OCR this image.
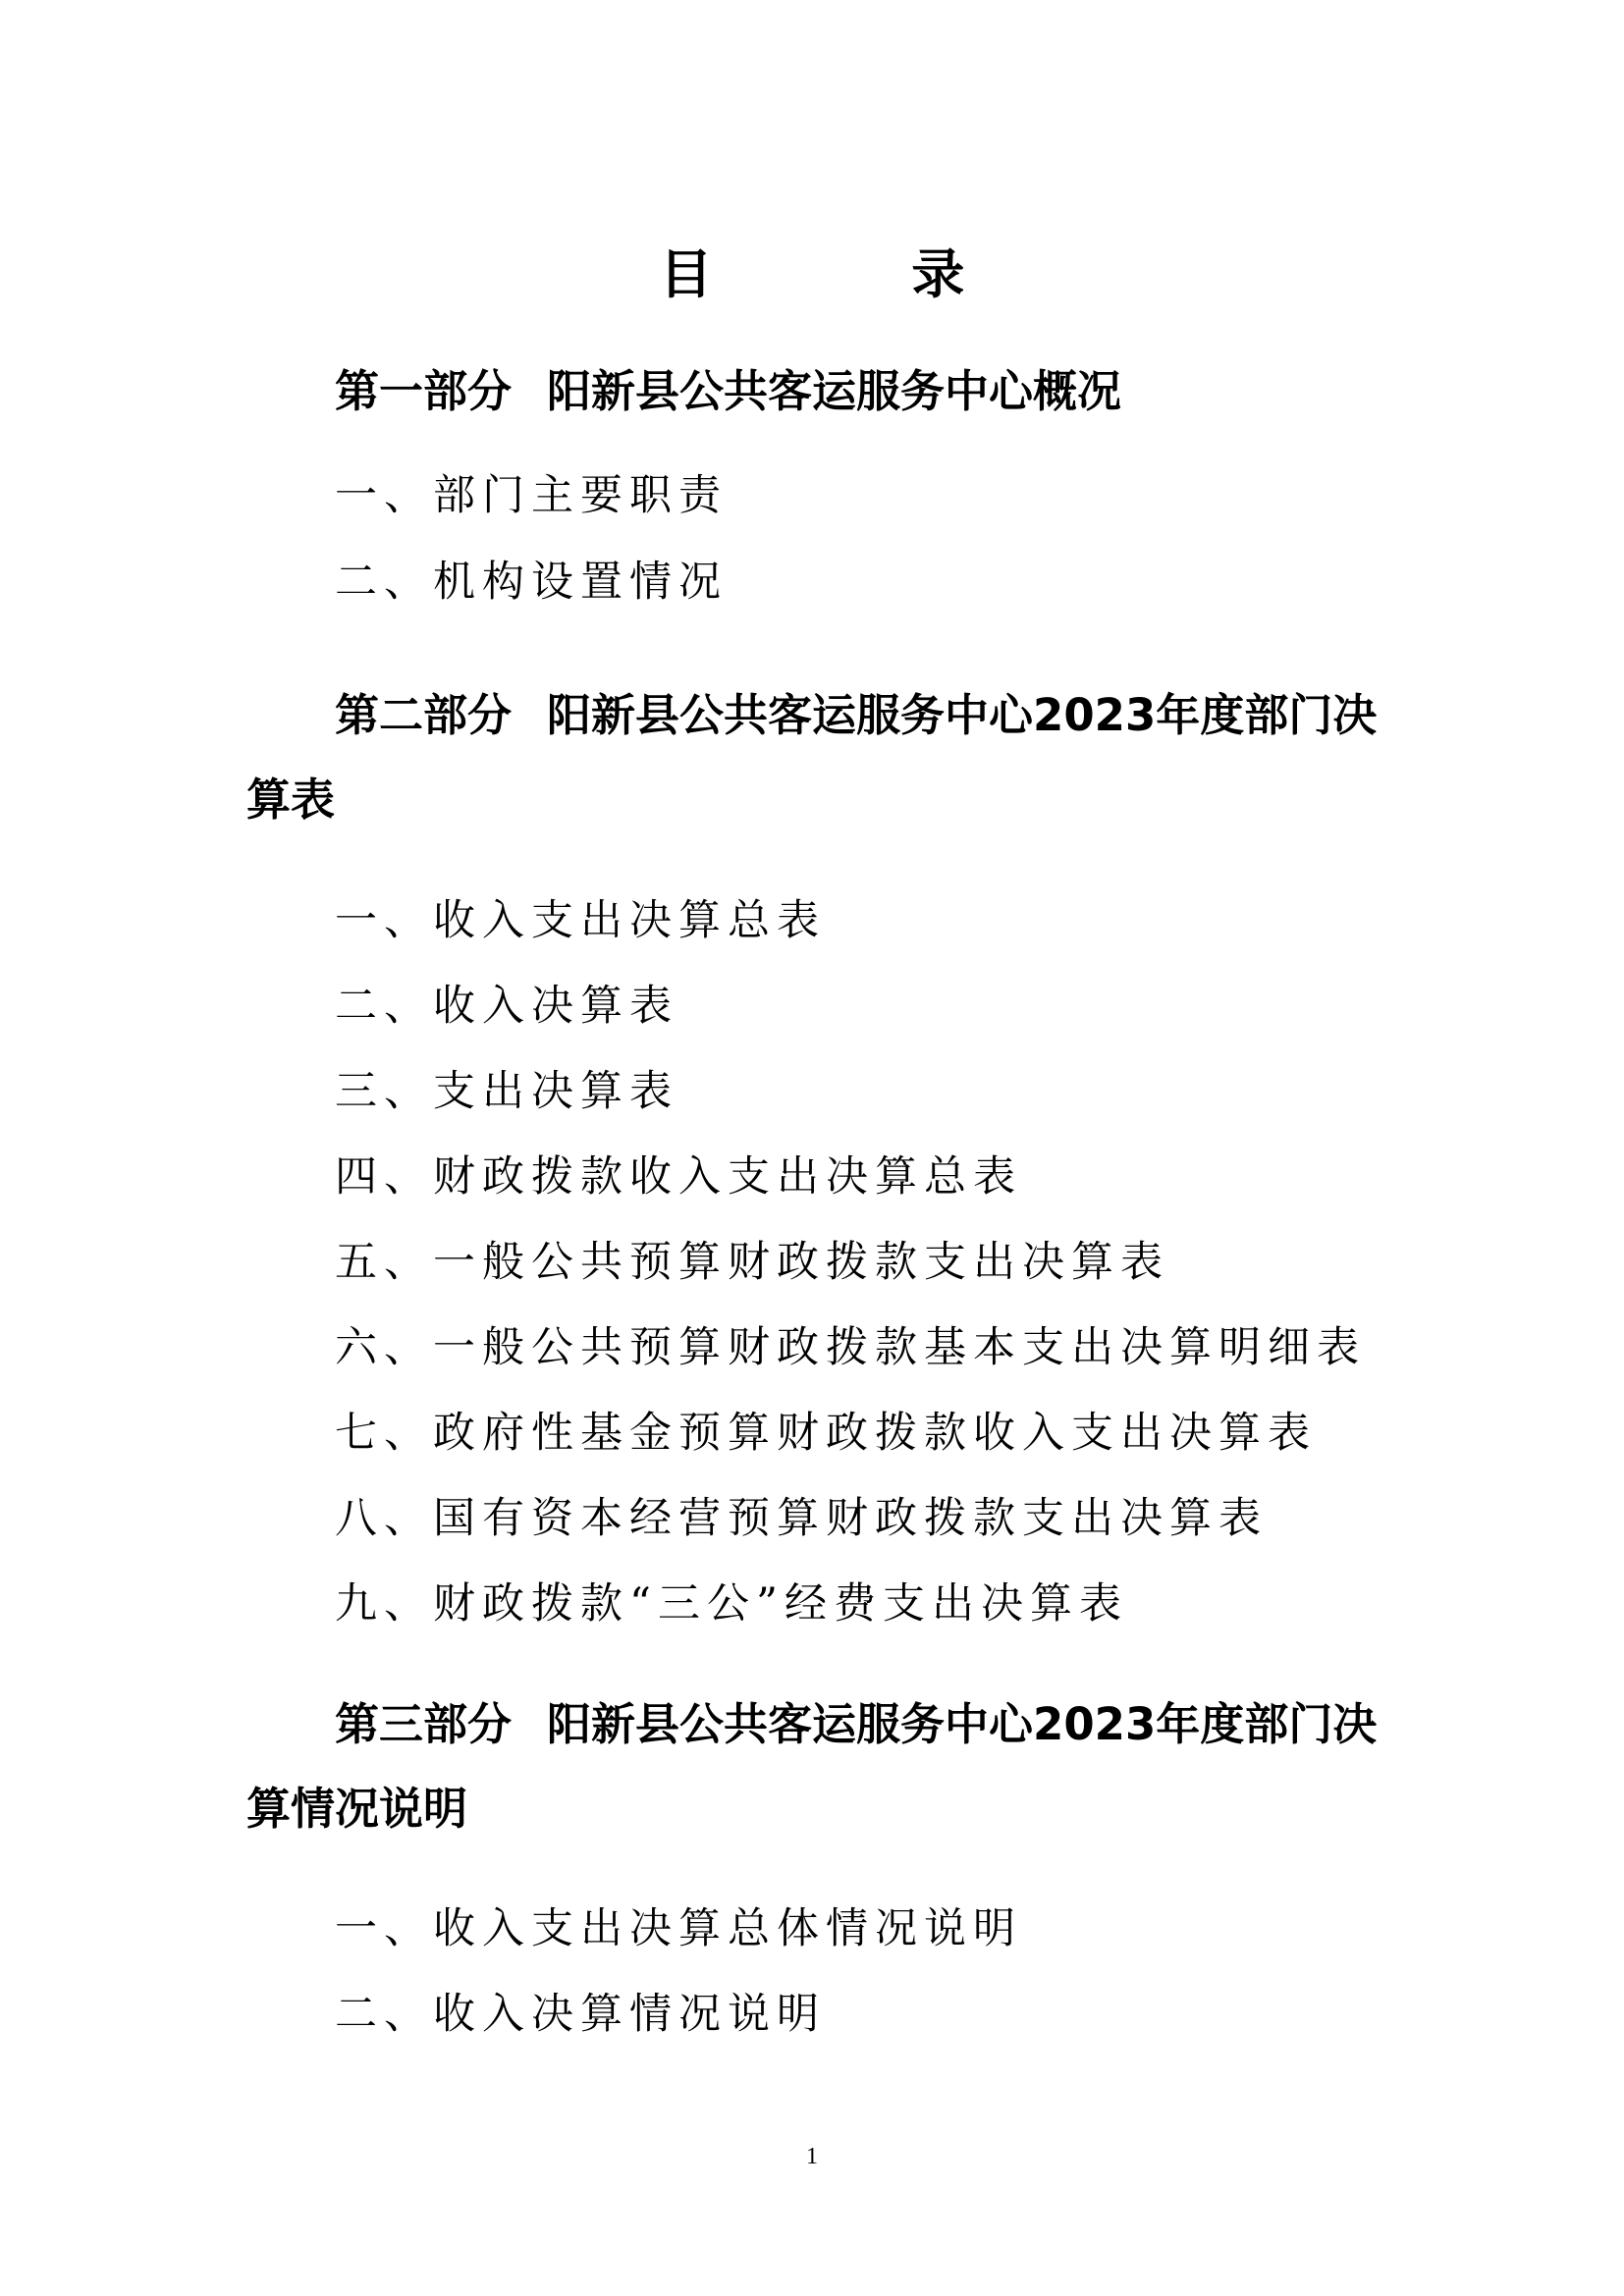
目 录

第一部分 阳新县公共客运服务中心概况

一、部门主要职责

二、机构设置情况

第二部分 阳新县公共客运服务中心2023年度部门决算表

一、收入支出决算总表

二、收入决算表

三、支出决算表

四、财政拨款收入支出决算总表

五、一般公共预算财政拨款支出决算表

六、一般公共预算财政拨款基本支出决算明细表

七、政府性基金预算财政拨款收入支出决算表

八、国有资本经营预算财政拨款支出决算表

九、财政拨款“三公”经费支出决算表

第三部分 阳新县公共客运服务中心2023年度部门决算情况说明

一、收入支出决算总体情况说明

二、收入决算情况说明

1
